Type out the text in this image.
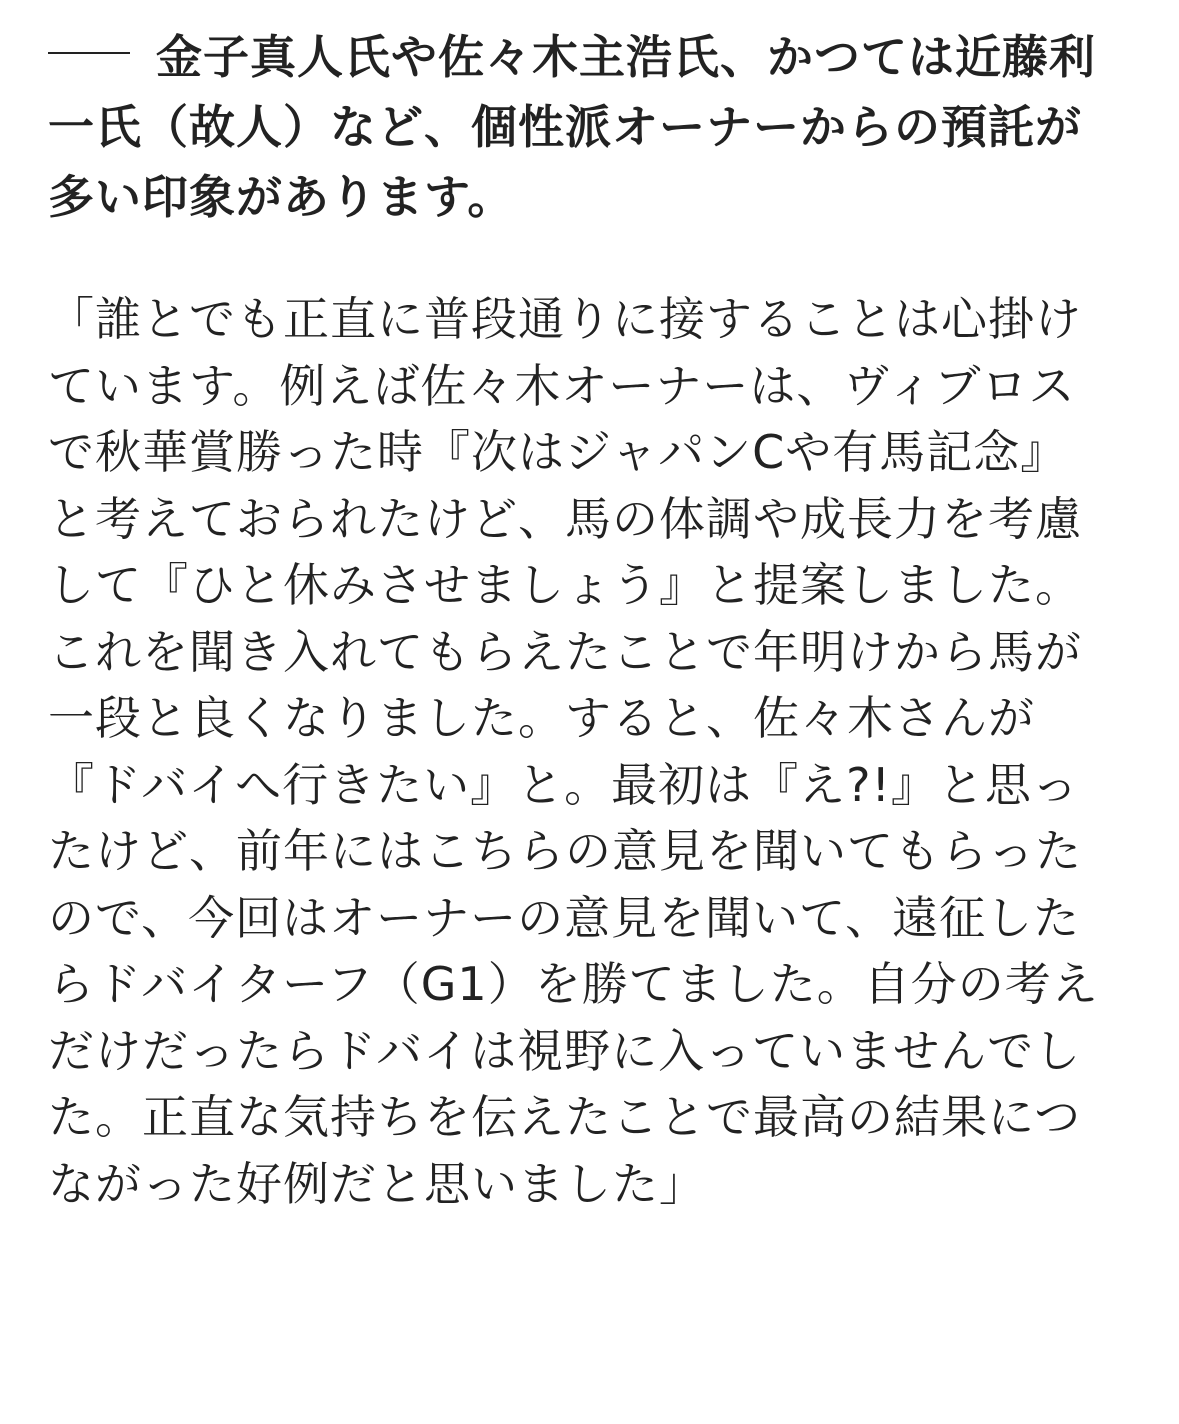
金子真人氏や佐々木主浩氏、かつては近藤利
一氏（故人）など、個性派オーナーからの預託が
多い印象があります。

「誰とでも正直に普段通りに接することは心掛け
ています。例えば佐々木オーナーは、ヴィブロス
で秋華賞勝った時『次はジャパンCや有馬記念』
と考えておられたけど、馬の体調や成長力を考慮
して『ひと休みさせましょう』と提案しました。
これを聞き入れてもらえたことで年明けから馬が
一段と良くなりました。すると、佐々木さんが
『ドバイへ行きたい』と。最初は『え?!』と思っ
たけど、前年にはこちらの意見を聞いてもらった
ので、今回はオーナーの意見を聞いて、遠征した
らドバイターフ（G1）を勝てました。自分の考え
だけだったらドバイは視野に入っていませんでし
た。正直な気持ちを伝えたことで最高の結果につ
ながった好例だと思いました」
